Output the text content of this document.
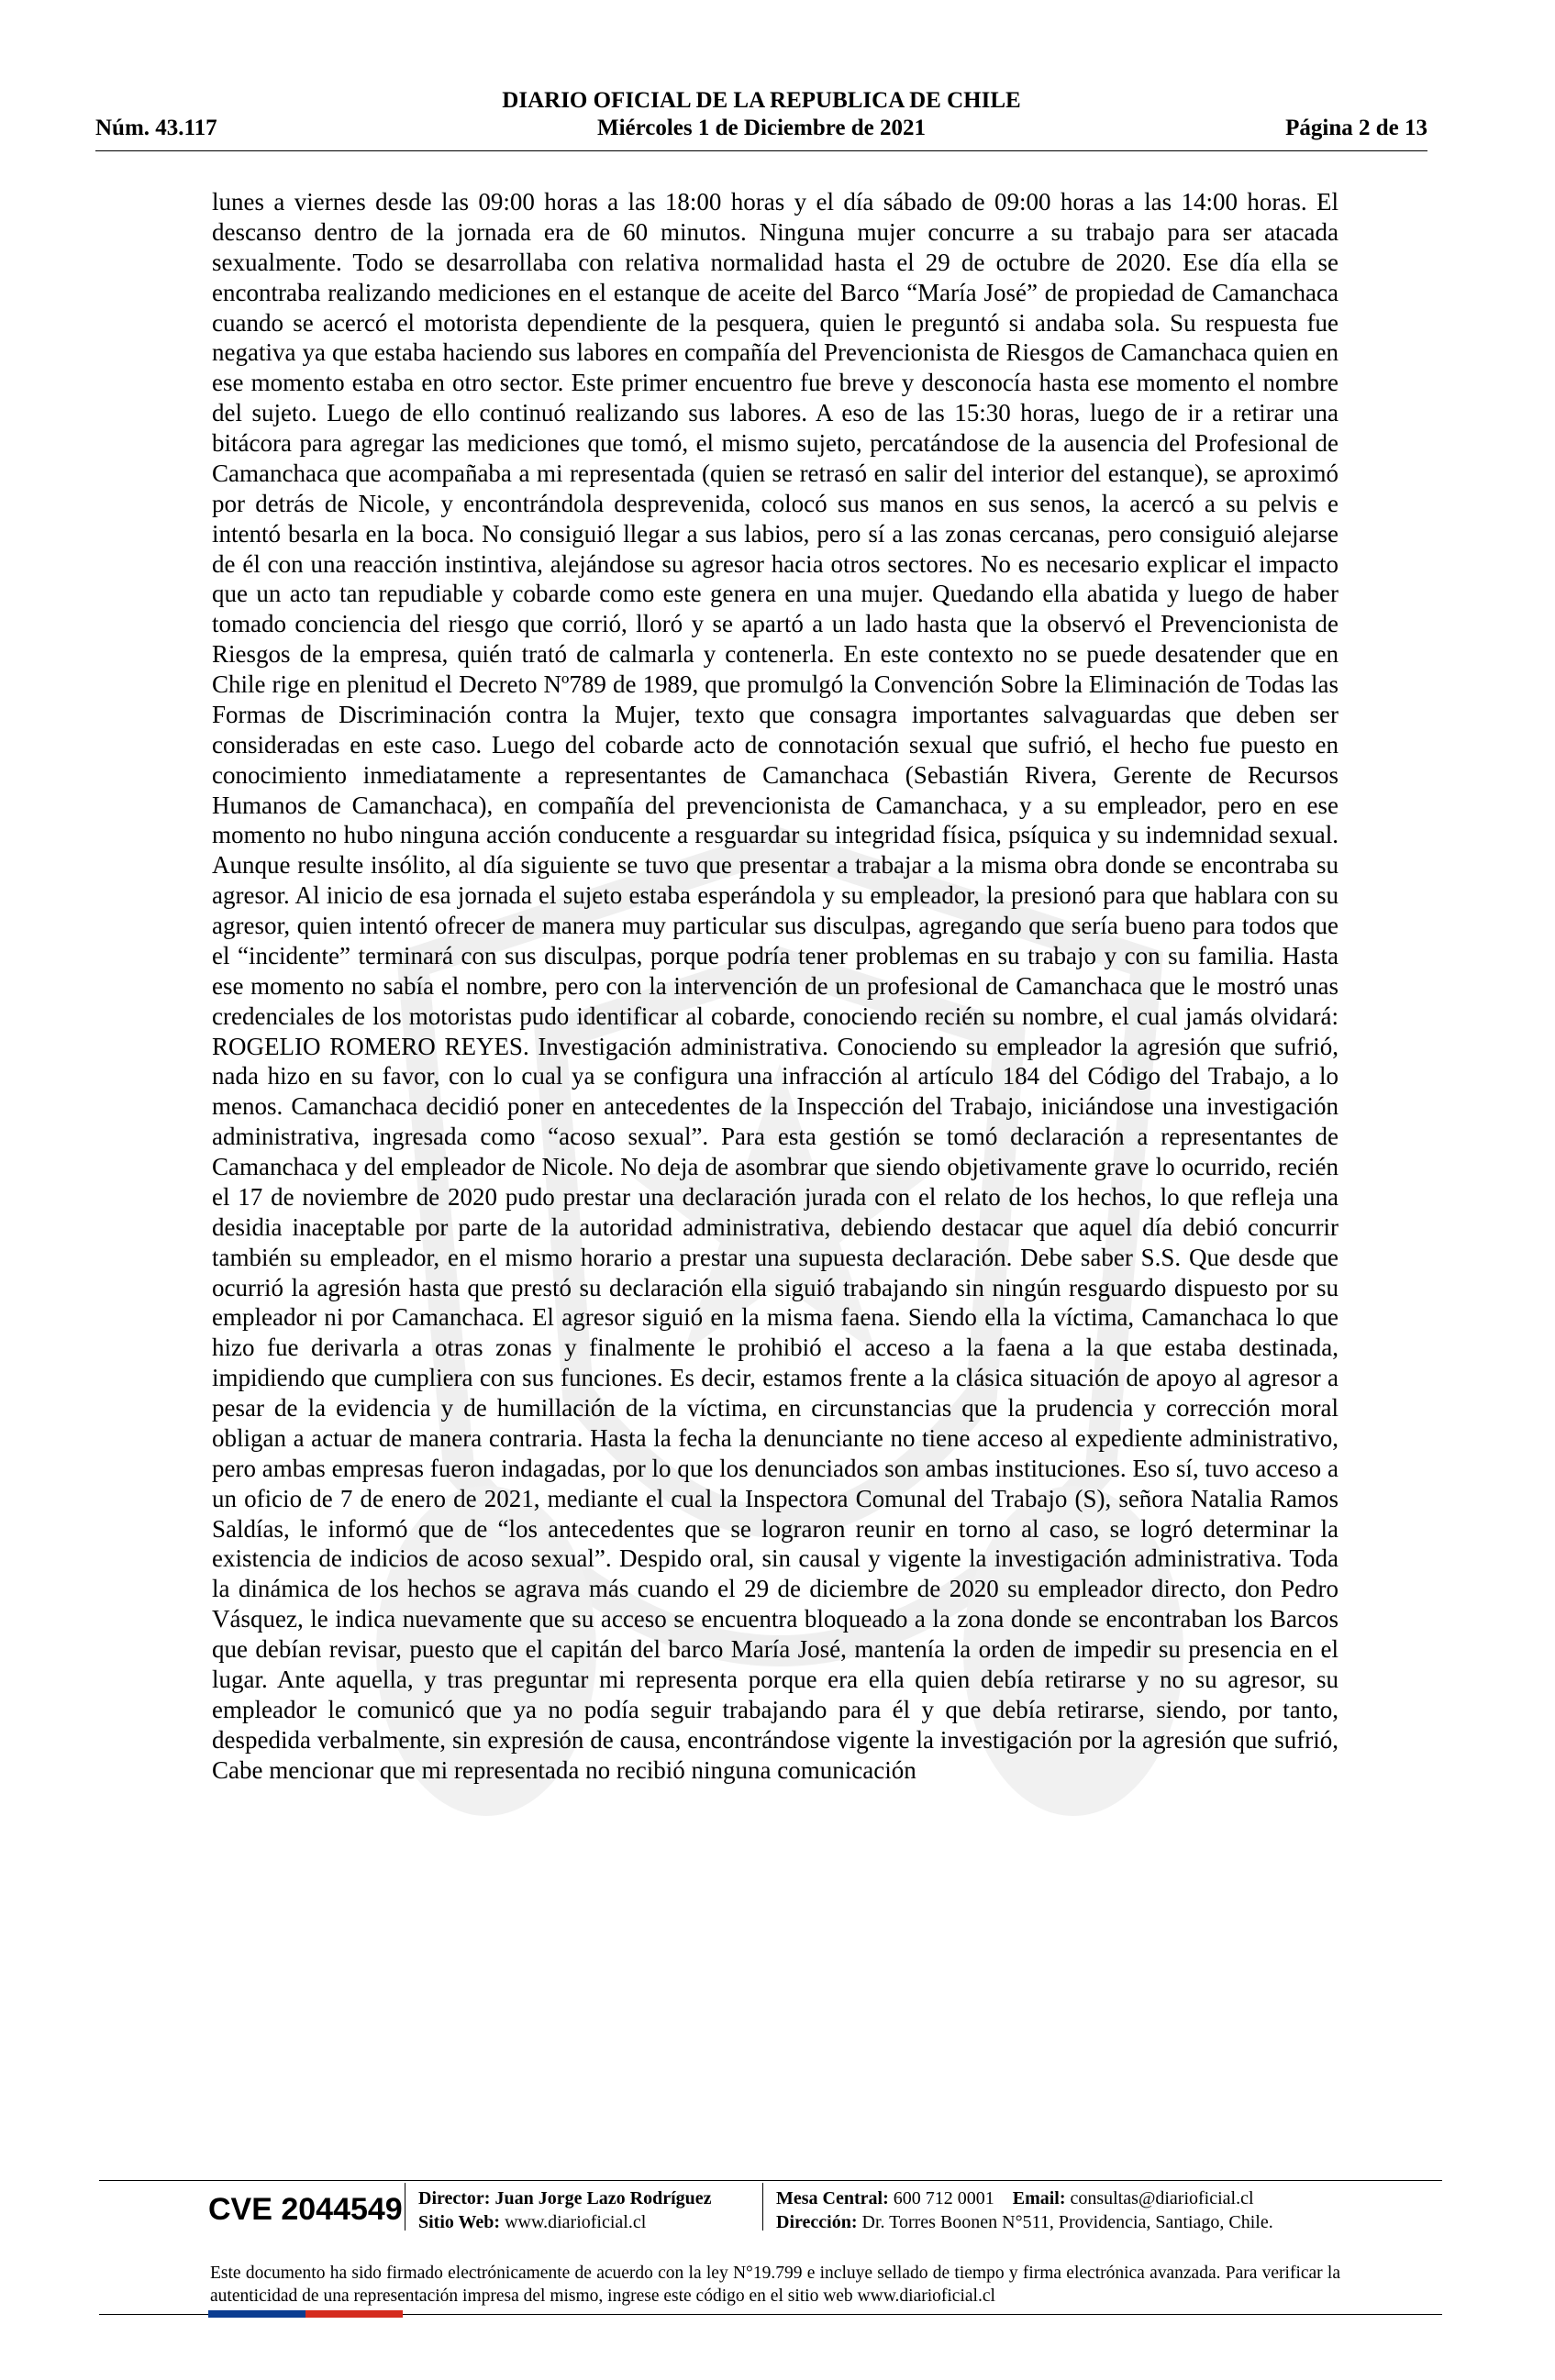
DIARIO OFICIAL DE LA REPUBLICA DE CHILE
Núm. 43.117	Miércoles 1 de Diciembre de 2021	Página 2 de 13

lunes a viernes desde las 09:00 horas a las 18:00 horas y el día sábado de 09:00 horas a las 14:00 horas. El descanso dentro de la jornada era de 60 minutos. Ninguna mujer concurre a su trabajo para ser atacada sexualmente. Todo se desarrollaba con relativa normalidad hasta el 29 de octubre de 2020. Ese día ella se encontraba realizando mediciones en el estanque de aceite del Barco “María José” de propiedad de Camanchaca cuando se acercó el motorista dependiente de la pesquera, quien le preguntó si andaba sola. Su respuesta fue negativa ya que estaba haciendo sus labores en compañía del Prevencionista de Riesgos de Camanchaca quien en ese momento estaba en otro sector. Este primer encuentro fue breve y desconocía hasta ese momento el nombre del sujeto. Luego de ello continuó realizando sus labores. A eso de las 15:30 horas, luego de ir a retirar una bitácora para agregar las mediciones que tomó, el mismo sujeto, percatándose de la ausencia del Profesional de Camanchaca que acompañaba a mi representada (quien se retrasó en salir del interior del estanque), se aproximó por detrás de Nicole, y encontrándola desprevenida, colocó sus manos en sus senos, la acercó a su pelvis e intentó besarla en la boca. No consiguió llegar a sus labios, pero sí a las zonas cercanas, pero consiguió alejarse de él con una reacción instintiva, alejándose su agresor hacia otros sectores. No es necesario explicar el impacto que un acto tan repudiable y cobarde como este genera en una mujer. Quedando ella abatida y luego de haber tomado conciencia del riesgo que corrió, lloró y se apartó a un lado hasta que la observó el Prevencionista de Riesgos de la empresa, quién trató de calmarla y contenerla. En este contexto no se puede desatender que en Chile rige en plenitud el Decreto Nº789 de 1989, que promulgó la Convención Sobre la Eliminación de Todas las Formas de Discriminación contra la Mujer, texto que consagra importantes salvaguardas que deben ser consideradas en este caso. Luego del cobarde acto de connotación sexual que sufrió, el hecho fue puesto en conocimiento inmediatamente a representantes de Camanchaca (Sebastián Rivera, Gerente de Recursos Humanos de Camanchaca), en compañía del prevencionista de Camanchaca, y a su empleador, pero en ese momento no hubo ninguna acción conducente a resguardar su integridad física, psíquica y su indemnidad sexual. Aunque resulte insólito, al día siguiente se tuvo que presentar a trabajar a la misma obra donde se encontraba su agresor. Al inicio de esa jornada el sujeto estaba esperándola y su empleador, la presionó para que hablara con su agresor, quien intentó ofrecer de manera muy particular sus disculpas, agregando que sería bueno para todos que el “incidente” terminará con sus disculpas, porque podría tener problemas en su trabajo y con su familia. Hasta ese momento no sabía el nombre, pero con la intervención de un profesional de Camanchaca que le mostró unas credenciales de los motoristas pudo identificar al cobarde, conociendo recién su nombre, el cual jamás olvidará: ROGELIO ROMERO REYES. Investigación administrativa. Conociendo su empleador la agresión que sufrió, nada hizo en su favor, con lo cual ya se configura una infracción al artículo 184 del Código del Trabajo, a lo menos. Camanchaca decidió poner en antecedentes de la Inspección del Trabajo, iniciándose una investigación administrativa, ingresada como “acoso sexual”. Para esta gestión se tomó declaración a representantes de Camanchaca y del empleador de Nicole. No deja de asombrar que siendo objetivamente grave lo ocurrido, recién el 17 de noviembre de 2020 pudo prestar una declaración jurada con el relato de los hechos, lo que refleja una desidia inaceptable por parte de la autoridad administrativa, debiendo destacar que aquel día debió concurrir también su empleador, en el mismo horario a prestar una supuesta declaración. Debe saber S.S. Que desde que ocurrió la agresión hasta que prestó su declaración ella siguió trabajando sin ningún resguardo dispuesto por su empleador ni por Camanchaca. El agresor siguió en la misma faena. Siendo ella la víctima, Camanchaca lo que hizo fue derivarla a otras zonas y finalmente le prohibió el acceso a la faena a la que estaba destinada, impidiendo que cumpliera con sus funciones. Es decir, estamos frente a la clásica situación de apoyo al agresor a pesar de la evidencia y de humillación de la víctima, en circunstancias que la prudencia y corrección moral obligan a actuar de manera contraria. Hasta la fecha la denunciante no tiene acceso al expediente administrativo, pero ambas empresas fueron indagadas, por lo que los denunciados son ambas instituciones. Eso sí, tuvo acceso a un oficio de 7 de enero de 2021, mediante el cual la Inspectora Comunal del Trabajo (S), señora Natalia Ramos Saldías, le informó que de “los antecedentes que se lograron reunir en torno al caso, se logró determinar la existencia de indicios de acoso sexual”. Despido oral, sin causal y vigente la investigación administrativa. Toda la dinámica de los hechos se agrava más cuando el 29 de diciembre de 2020 su empleador directo, don Pedro Vásquez, le indica nuevamente que su acceso se encuentra bloqueado a la zona donde se encontraban los Barcos que debían revisar, puesto que el capitán del barco María José, mantenía la orden de impedir su presencia en el lugar. Ante aquella, y tras preguntar mi representa porque era ella quien debía retirarse y no su agresor, su empleador le comunicó que ya no podía seguir trabajando para él y que debía retirarse, siendo, por tanto, despedida verbalmente, sin expresión de causa, encontrándose vigente la investigación por la agresión que sufrió, Cabe mencionar que mi representada no recibió ninguna comunicación

CVE 2044549 Director: Juan Jorge Lazo Rodríguez
Sitio Web: www.diarioficial.cl
Mesa Central: 600 712 0001 Email: consultas@diarioficial.cl
Dirección: Dr. Torres Boonen N°511, Providencia, Santiago, Chile.
Este documento ha sido firmado electrónicamente de acuerdo con la ley N°19.799 e incluye sellado de tiempo y firma electrónica avanzada. Para verificar la autenticidad de una representación impresa del mismo, ingrese este código en el sitio web www.diarioficial.cl
